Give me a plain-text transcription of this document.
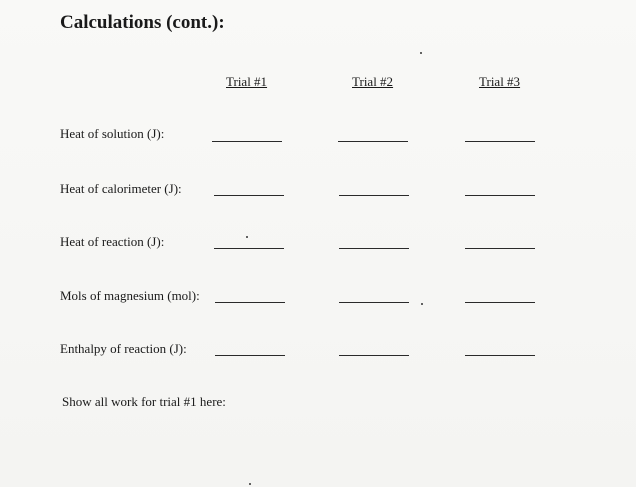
Calculations (cont.):
Trial #1	Trial #2	Trial #3
Heat of solution (J):
Heat of calorimeter (J):
Heat of reaction (J):
Mols of magnesium (mol):
Enthalpy of reaction (J):
Show all work for trial #1 here:
